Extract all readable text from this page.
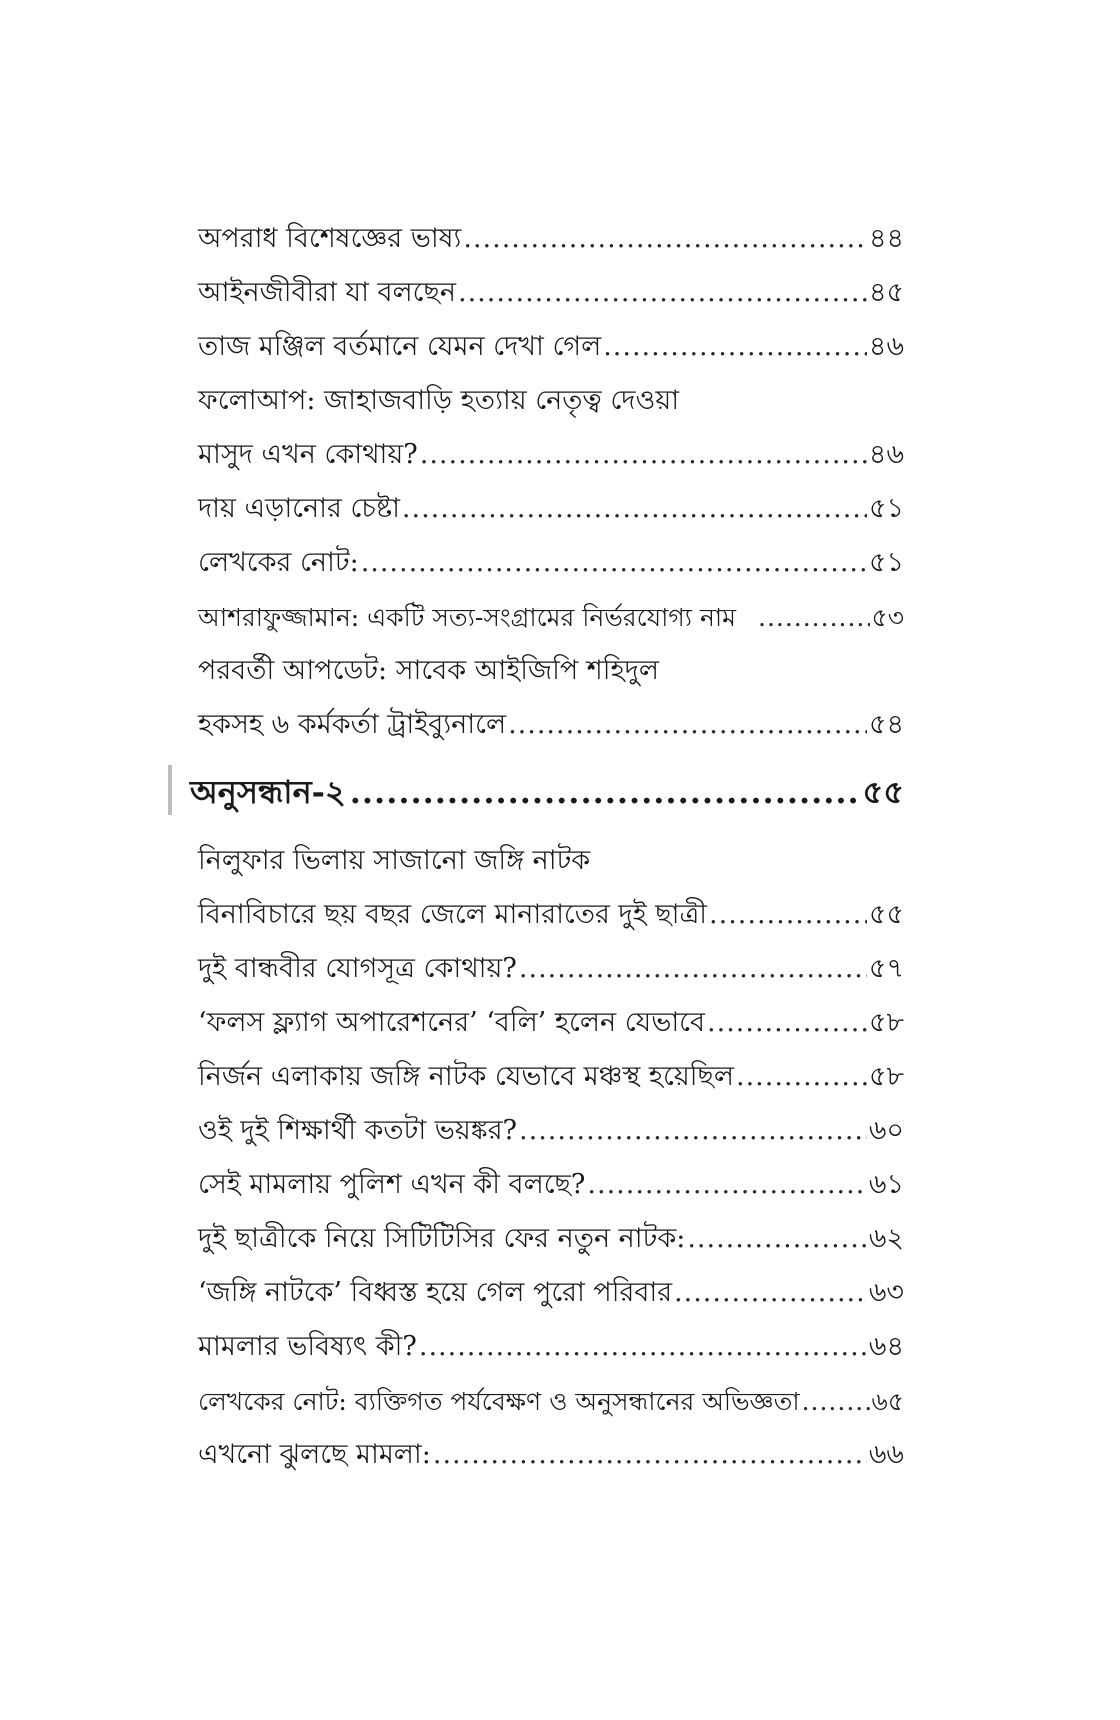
অপরাধ বিশেষজ্ঞের ভাষ্য .....	৪৪
আইনজীবীরা যা বলছেন .....	৪৫
তাজ মঞ্জিল বর্তমানে যেমন দেখা গেল .....	৪৬
ফলোআপ: জাহাজবাড়ি হত্যায় নেতৃত্ব দেওয়া
মাসুদ এখন কোথায়? .....	৪৬
দায় এড়ানোর চেষ্টা .....	৫১
লেখকের নোট: .....	৫১
আশরাফুজ্জামান: একটি সত্য-সংগ্রামের নির্ভরযোগ্য নাম .....	৫৩
পরবর্তী আপডেট: সাবেক আইজিপি শহিদুল
হকসহ ৬ কর্মকর্তা ট্রাইব্যুনালে .....	৫৪
অনুসন্ধান-২ .....	৫৫
নিলুফার ভিলায় সাজানো জঙ্গি নাটক
বিনাবিচারে ছয় বছর জেলে মানারাতের দুই ছাত্রী .....	৫৫
দুই বান্ধবীর যোগসূত্র কোথায়? .....	৫৭
‘ফলস ফ্ল্যাগ অপারেশনের’ ‘বলি’ হলেন যেভাবে .....	৫৮
নির্জন এলাকায় জঙ্গি নাটক যেভাবে মঞ্চস্থ হয়েছিল .....	৫৮
ওই দুই শিক্ষার্থী কতটা ভয়ঙ্কর? .....	৬০
সেই মামলায় পুলিশ এখন কী বলছে? .....	৬১
দুই ছাত্রীকে নিয়ে সিটিটিসির ফের নতুন নাটক: .....	৬২
‘জঙ্গি নাটকে’ বিধ্বস্ত হয়ে গেল পুরো পরিবার .....	৬৩
মামলার ভবিষ্যৎ কী? .....	৬৪
লেখকের নোট: ব্যক্তিগত পর্যবেক্ষণ ও অনুসন্ধানের অভিজ্ঞতা .....	৬৫
এখনো ঝুলছে মামলা: .....	৬৬
